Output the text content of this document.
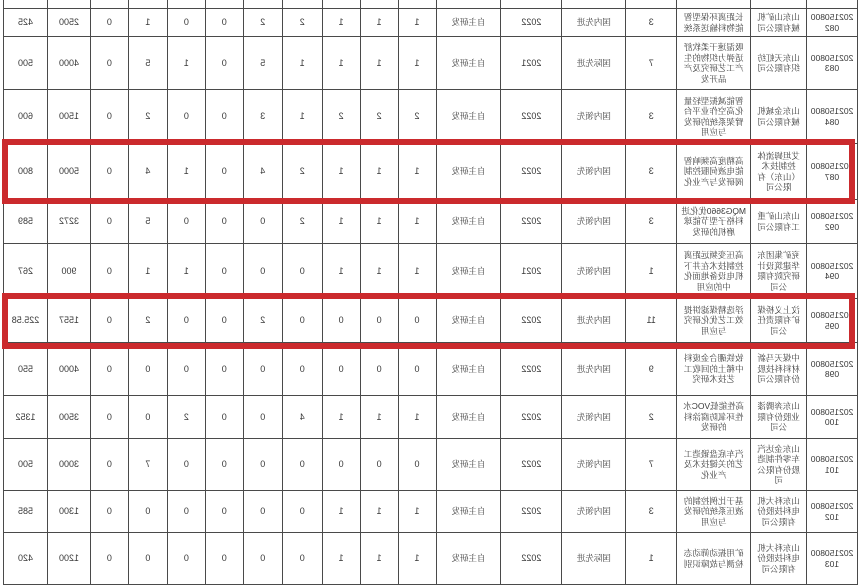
202150800082
山东山矿机械有限公司
长距离环保型智能物料输送系统
3
国内先进
2022
自主研发
1
1
1
2
2
0
0
1
0
2500
425
202150800083
山东天虹纺织有限公司
吸湿速干柔软舒适弹力织物的生产工艺研究及产品开发
7
国际先进
2021
自主研发
1
1
1
1
5
0
1
5
0
4000
500
202150800084
山东金城机械有限公司
智能减振型轻量化高空作业平台臂架系统的研发与应用
3
国内领先
2022
自主研发
2
2
2
1
3
0
0
2
0
1500
600
202150800087
艾坦姆流体控制技术（山东）有限公司
高精度高频响智能电液伺服控制阀研发与产业化
3
国内领先
2022
自主研发
1
1
1
2
4
0
1
4
0
5000
800
202150800092
山东山矿重工有限公司
MQG3660优化进料格子型节能球磨机的研发
3
国内领先
2022
自主研发
1
1
1
2
0
0
0
5
0
3272
589
202150800094
兖矿集团东华建筑设计研究院有限公司
高压变频远距离控制技术在井下机电设备地面化中的应用
1
国内领先
2021
自主研发
1
1
1
0
0
0
1
1
0
900
267
202150800095
汶上义桥煤矿有限责任公司
浮选精煤滤饼提效工艺优化研究与应用
11
国内先进
2022
自主研发
0
0
0
0
2
0
0
2
0
1557
225.58
202150800098
中煤天马新材料科技股份有限公司
钕铁硼合金废料中稀土的回收工艺技术研究
9
国内先进
2022
自主研发
0
0
0
0
0
0
0
0
0
4000
550
202150800100
山东奔腾漆业股份有限公司
高性能低VOC水性环氧防腐涂料的研发
2
国内领先
2022
自主研发
1
1
1
4
0
0
2
0
0
3500
1352
202150800101
山东金达汽车零件制造股份有限公司
汽车底盘锻造工艺的关键技术及产业化
7
国内领先
2022
自主研发
0
0
0
0
0
0
0
7
0
3000
500
202150800102
山东科大机电科技股份有限公司
基于比例控制的液压系统的研发与应用
3
国内领先
2022
自主研发
1
1
1
0
0
0
0
0
0
1300
585
202150800103
山东科大机电科技股份有限公司
矿用振动筛动态检测与故障识别
1
国际先进
2022
自主研发
1
1
1
0
0
0
0
0
0
1200
420
